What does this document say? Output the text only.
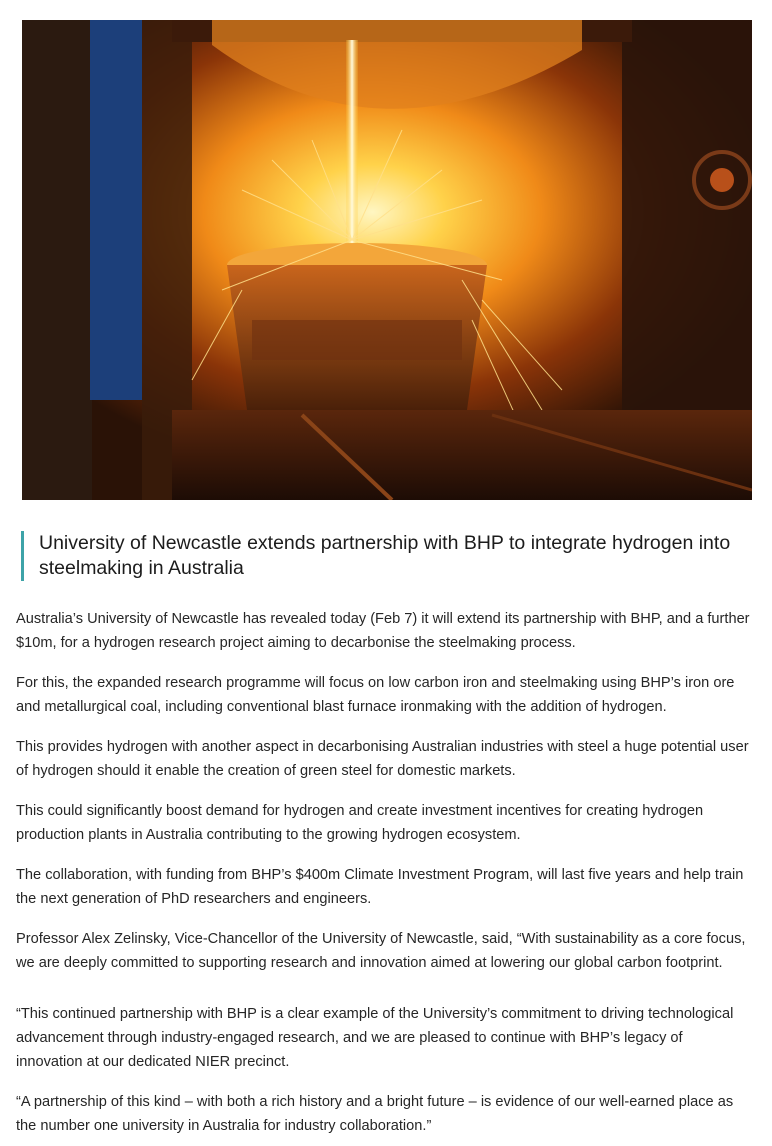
University of Newcastle extends partnership with BHP to integrate hydrogen into steelmaking in Australia

Australia’s University of Newcastle has revealed today (Feb 7) it will extend its partnership with BHP, and a further $10m, for a hydrogen research project aiming to decarbonise the steelmaking process.

For this, the expanded research programme will focus on low carbon iron and steelmaking using BHP’s iron ore and metallurgical coal, including conventional blast furnace ironmaking with the addition of hydrogen.

This provides hydrogen with another aspect in decarbonising Australian industries with steel a huge potential user of hydrogen should it enable the creation of green steel for domestic markets.

This could significantly boost demand for hydrogen and create investment incentives for creating hydrogen production plants in Australia contributing to the growing hydrogen ecosystem.

The collaboration, with funding from BHP’s $400m Climate Investment Program, will last five years and help train the next generation of PhD researchers and engineers.

Professor Alex Zelinsky, Vice-Chancellor of the University of Newcastle, said, “With sustainability as a core focus, we are deeply committed to supporting research and innovation aimed at lowering our global carbon footprint.

“This continued partnership with BHP is a clear example of the University’s commitment to driving technological advancement through industry-engaged research, and we are pleased to continue with BHP’s legacy of innovation at our dedicated NIER precinct.

“A partnership of this kind – with both a rich history and a bright future – is evidence of our well-earned place as the number one university in Australia for industry collaboration.”
